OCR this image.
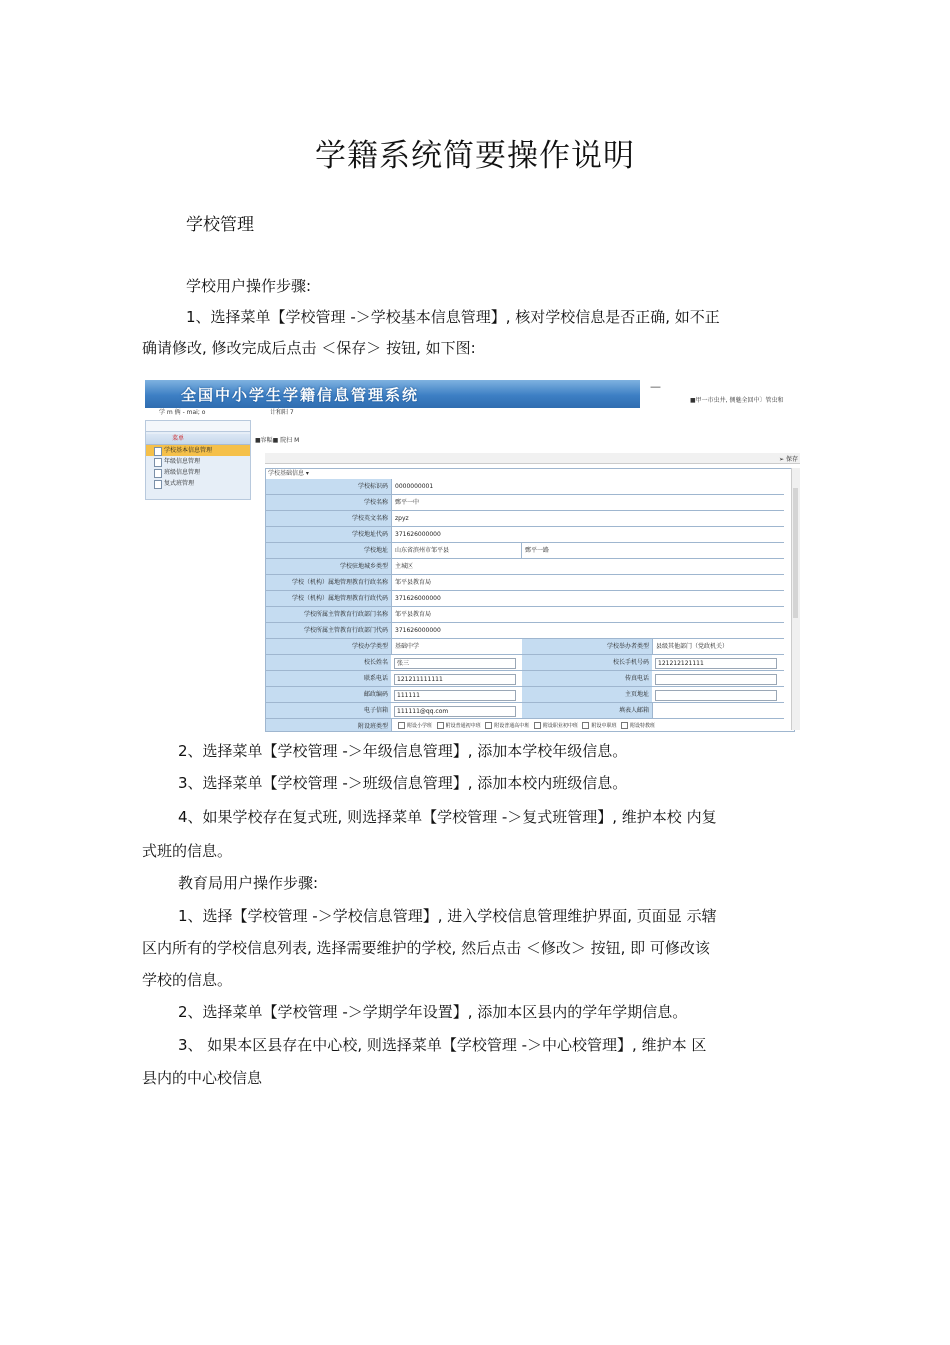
学籍系统简要操作说明
学校管理
学校用户操作步骤:
1、选择菜单【学校管理 -＞学校基本信息管理】, 核对学校信息是否正确, 如不正
确请修改, 修改完成后点击 ＜保存＞ 按钮, 如下图:
全国中小学生学籍信息管理系统	—
■甲一市虫井, 侧魅全回中〕管虫和
学 m 俩 - mai; o	计和阳 7
菜单
学校基本信息管理
年级信息管理
班级信息管理
复式班管理
■容幅■ 院扫 M
➢ 保存
学校基础信息 ▾
学校标识码	0000000001
学校名称	鄄平一中
学校英文名称	zpyz
学校地址代码	371626000000
学校地址	山东省滨州市邹平县	鄄平一路
学校驻地城乡类型	主城区
学校（机构）属地管理教育行政名称	邹平县教育局
学校（机构）属地管理教育行政代码	371626000000
学校所属主管教育行政部门名称	邹平县教育局
学校所属主管教育行政部门代码	371626000000
学校办学类型	基础中学	学校举办者类型	县级其他部门（党政机关）
校长姓名	张三	校长手机号码	121212121111
联系电话	121211111111	传真电话
邮政编码	111111	主页地址
电子信箱	111111@qq.com	填表人邮箱
附设班类型	附设小学班	附设普通初中班	附设普通高中班	附设职业初中班	附设中职班	附设特教班
2、选择菜单【学校管理 -＞年级信息管理】, 添加本学校年级信息。
3、选择菜单【学校管理 -＞班级信息管理】, 添加本校内班级信息。
4、如果学校存在复式班, 则选择菜单【学校管理 -＞复式班管理】, 维护本校 内复
式班的信息。
教育局用户操作步骤:
1、选择【学校管理 -＞学校信息管理】, 进入学校信息管理维护界面, 页面显 示辖
区内所有的学校信息列表, 选择需要维护的学校, 然后点击 ＜修改＞ 按钮, 即 可修改该
学校的信息。
2、选择菜单【学校管理 -＞学期学年设置】, 添加本区县内的学年学期信息。
3、 如果本区县存在中心校, 则选择菜单【学校管理 -＞中心校管理】, 维护本 区
县内的中心校信息
